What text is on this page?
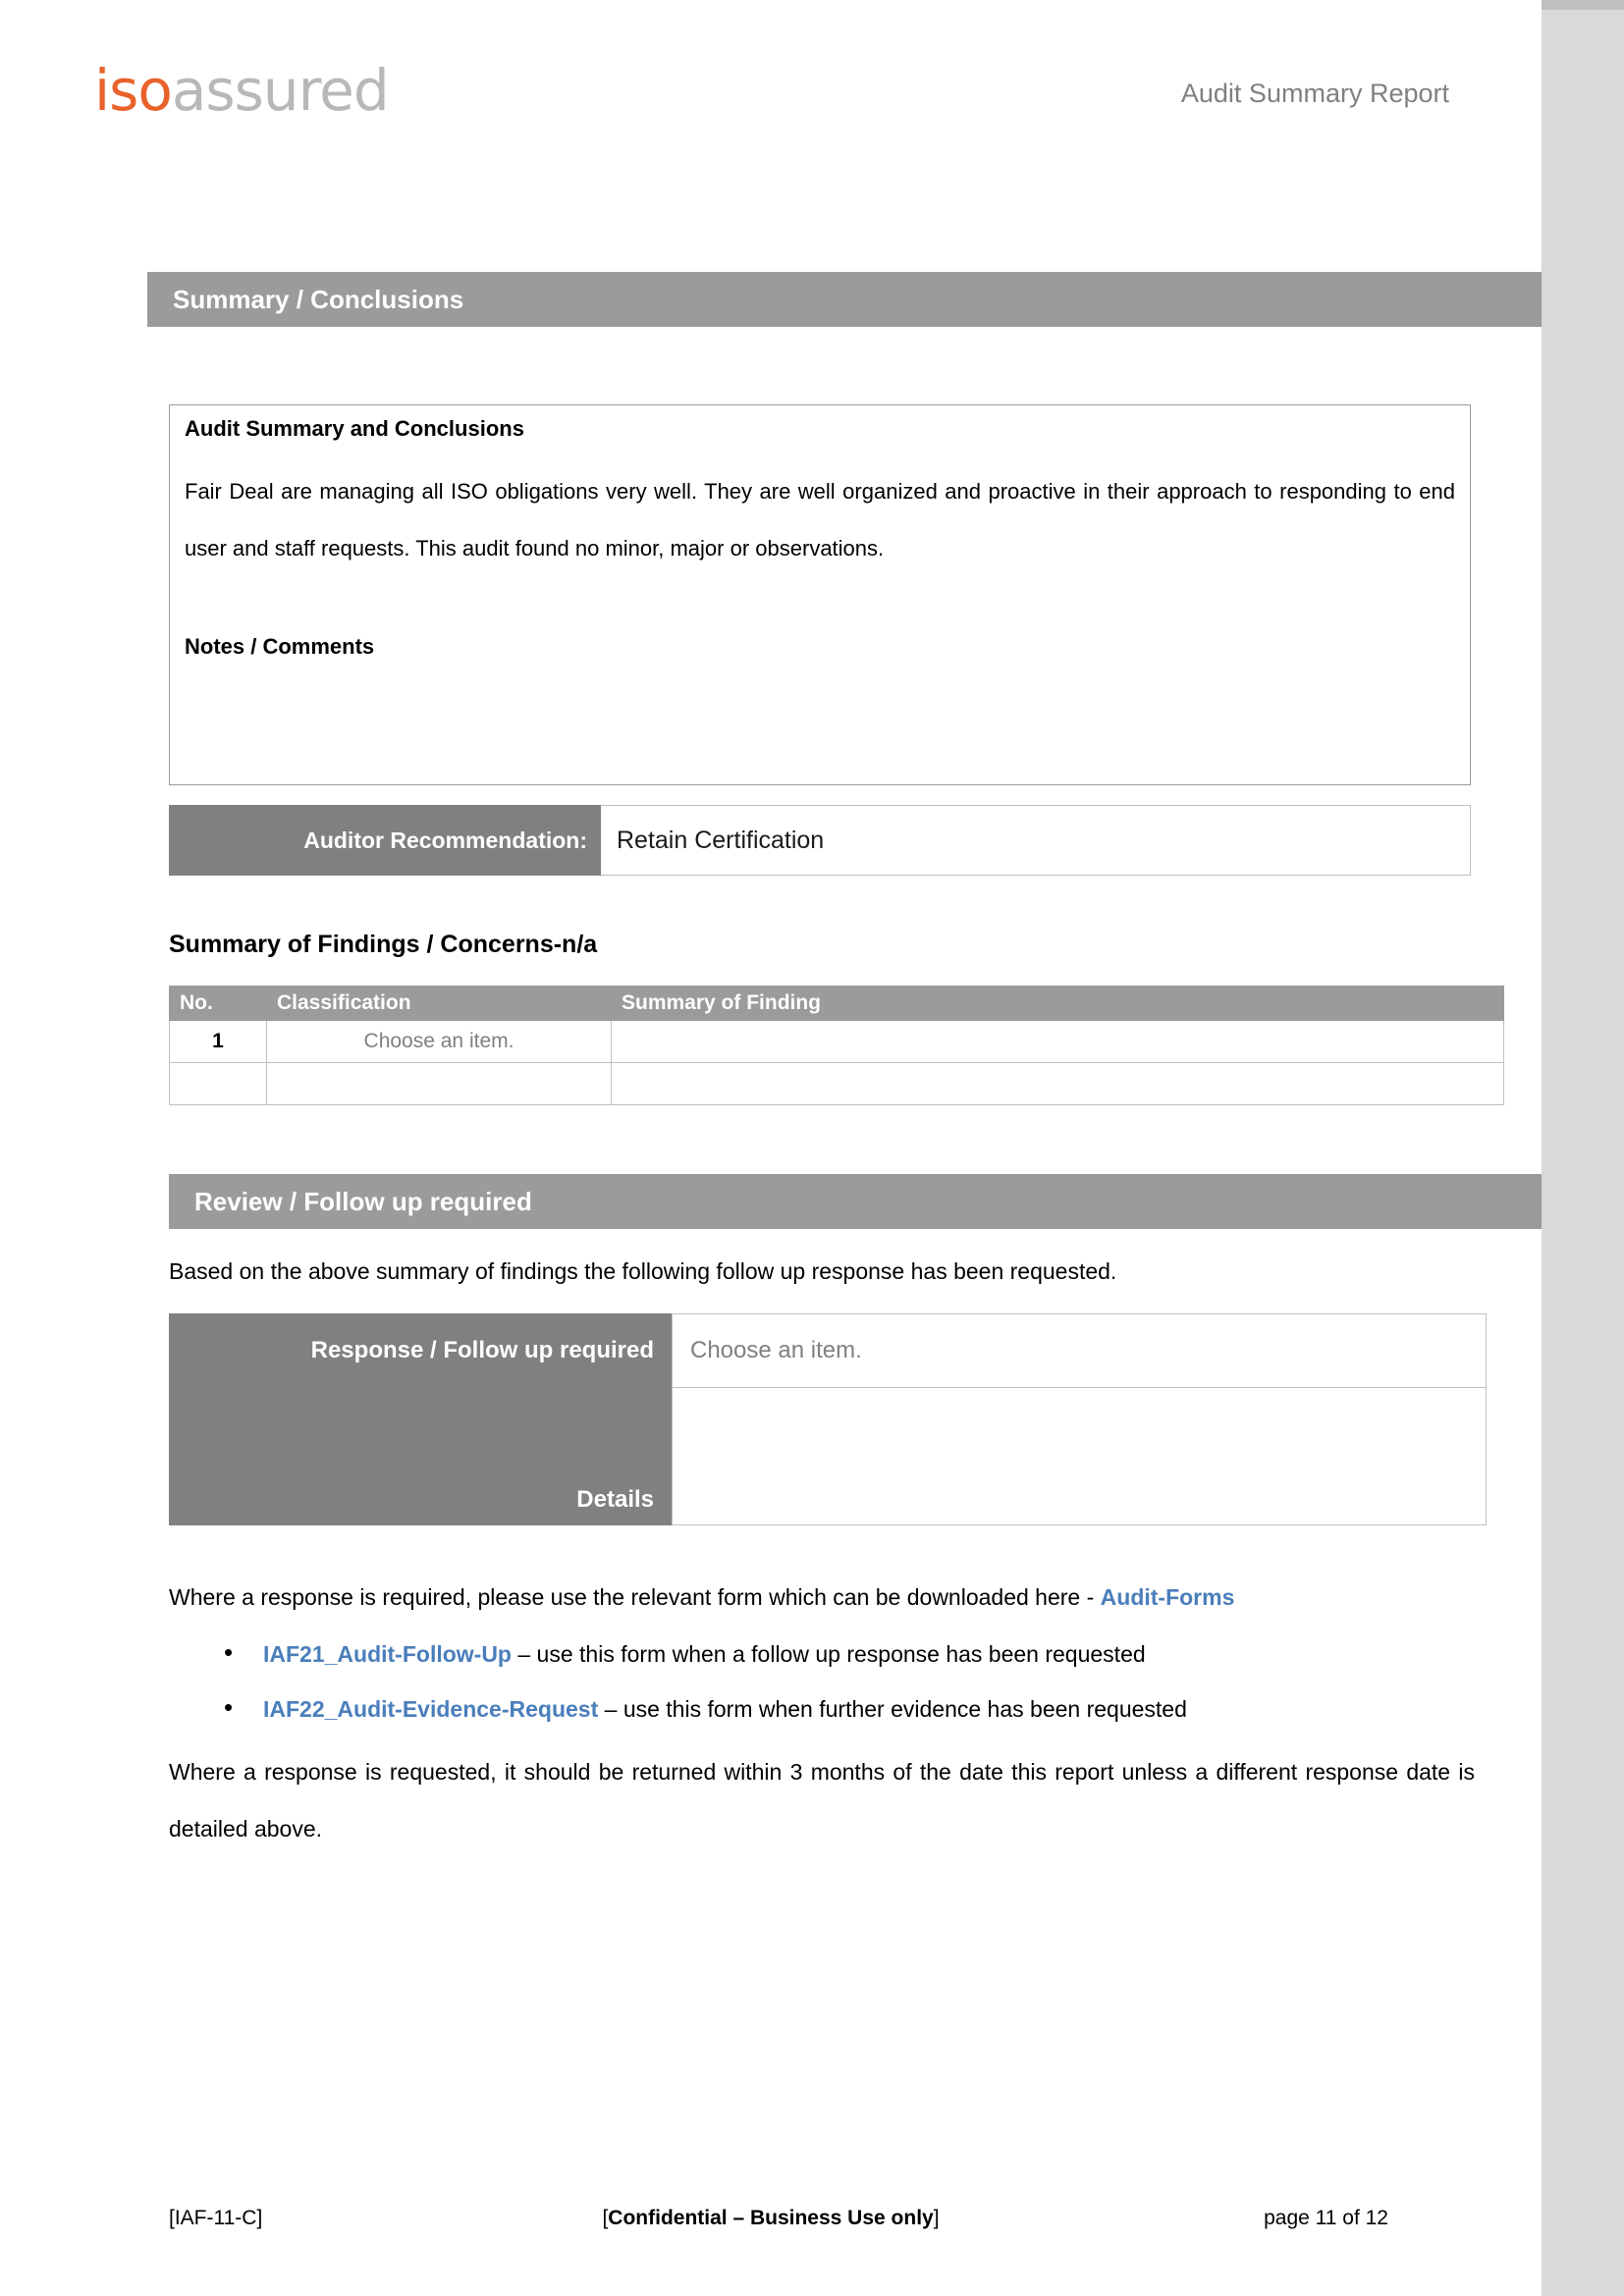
isoassured	Audit Summary Report
Summary / Conclusions
Audit Summary and Conclusions
Fair Deal are managing all ISO obligations very well. They are well organized and proactive in their approach to responding to end user and staff requests. This audit found no minor, major or observations.
Notes / Comments
Auditor Recommendation:	Retain Certification
Summary of Findings / Concerns-n/a
No.	Classification	Summary of Finding
1	Choose an item.	

Review / Follow up required
Based on the above summary of findings the following follow up response has been requested.
Response / Follow up required	Choose an item.
Details
Where a response is required, please use the relevant form which can be downloaded here - Audit-Forms
• IAF21_Audit-Follow-Up – use this form when a follow up response has been requested
• IAF22_Audit-Evidence-Request – use this form when further evidence has been requested
Where a response is requested, it should be returned within 3 months of the date this report unless a different response date is detailed above.
[IAF-11-C]	[Confidential – Business Use only]	page 11 of 12
